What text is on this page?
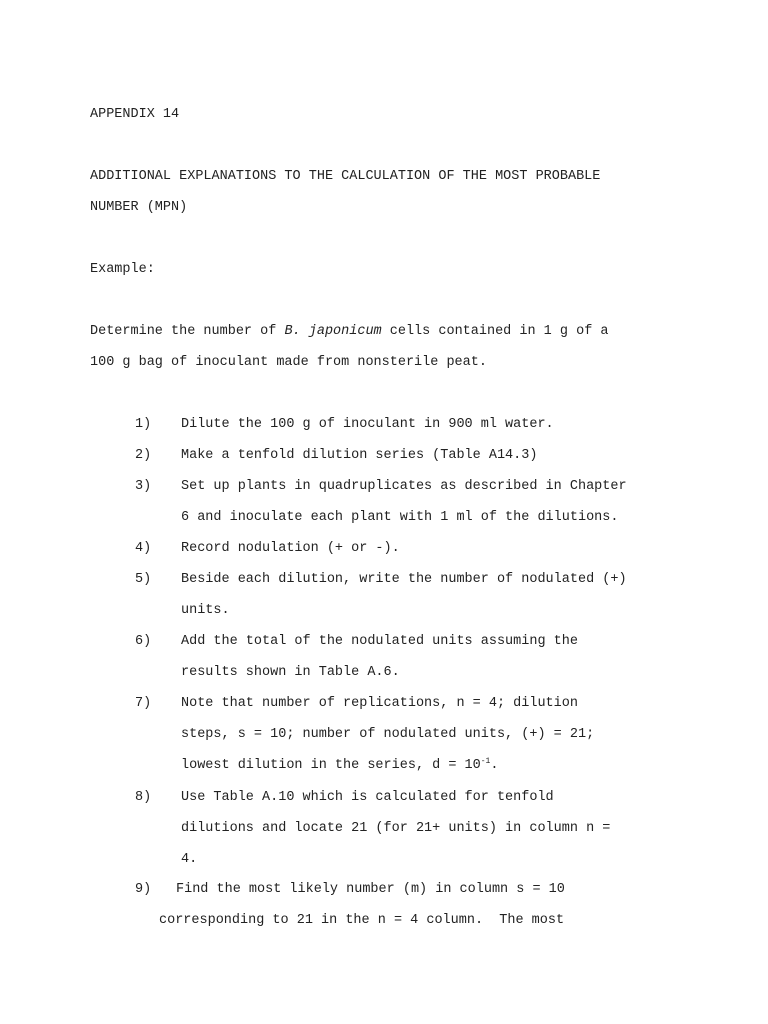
APPENDIX 14
ADDITIONAL EXPLANATIONS TO THE CALCULATION OF THE MOST PROBABLE
NUMBER (MPN)
Example:
Determine the number of B. japonicum cells contained in 1 g of a
100 g bag of inoculant made from nonsterile peat.
1) Dilute the 100 g of inoculant in 900 ml water.
2) Make a tenfold dilution series (Table A14.3)
3) Set up plants in quadruplicates as described in Chapter
6 and inoculate each plant with 1 ml of the dilutions.
4) Record nodulation (+ or -).
5) Beside each dilution, write the number of nodulated (+)
units.
6) Add the total of the nodulated units assuming the
results shown in Table A.6.
7) Note that number of replications, n = 4; dilution
steps, s = 10; number of nodulated units, (+) = 21;
lowest dilution in the series, $d = 10^{-1}$.
8) Use Table A.10 which is calculated for tenfold
dilutions and locate 21 (for 21+ units) in column n =
4.
9) Find the most likely number (m) in column s = 10
corresponding to 21 in the n = 4 column.  The most
